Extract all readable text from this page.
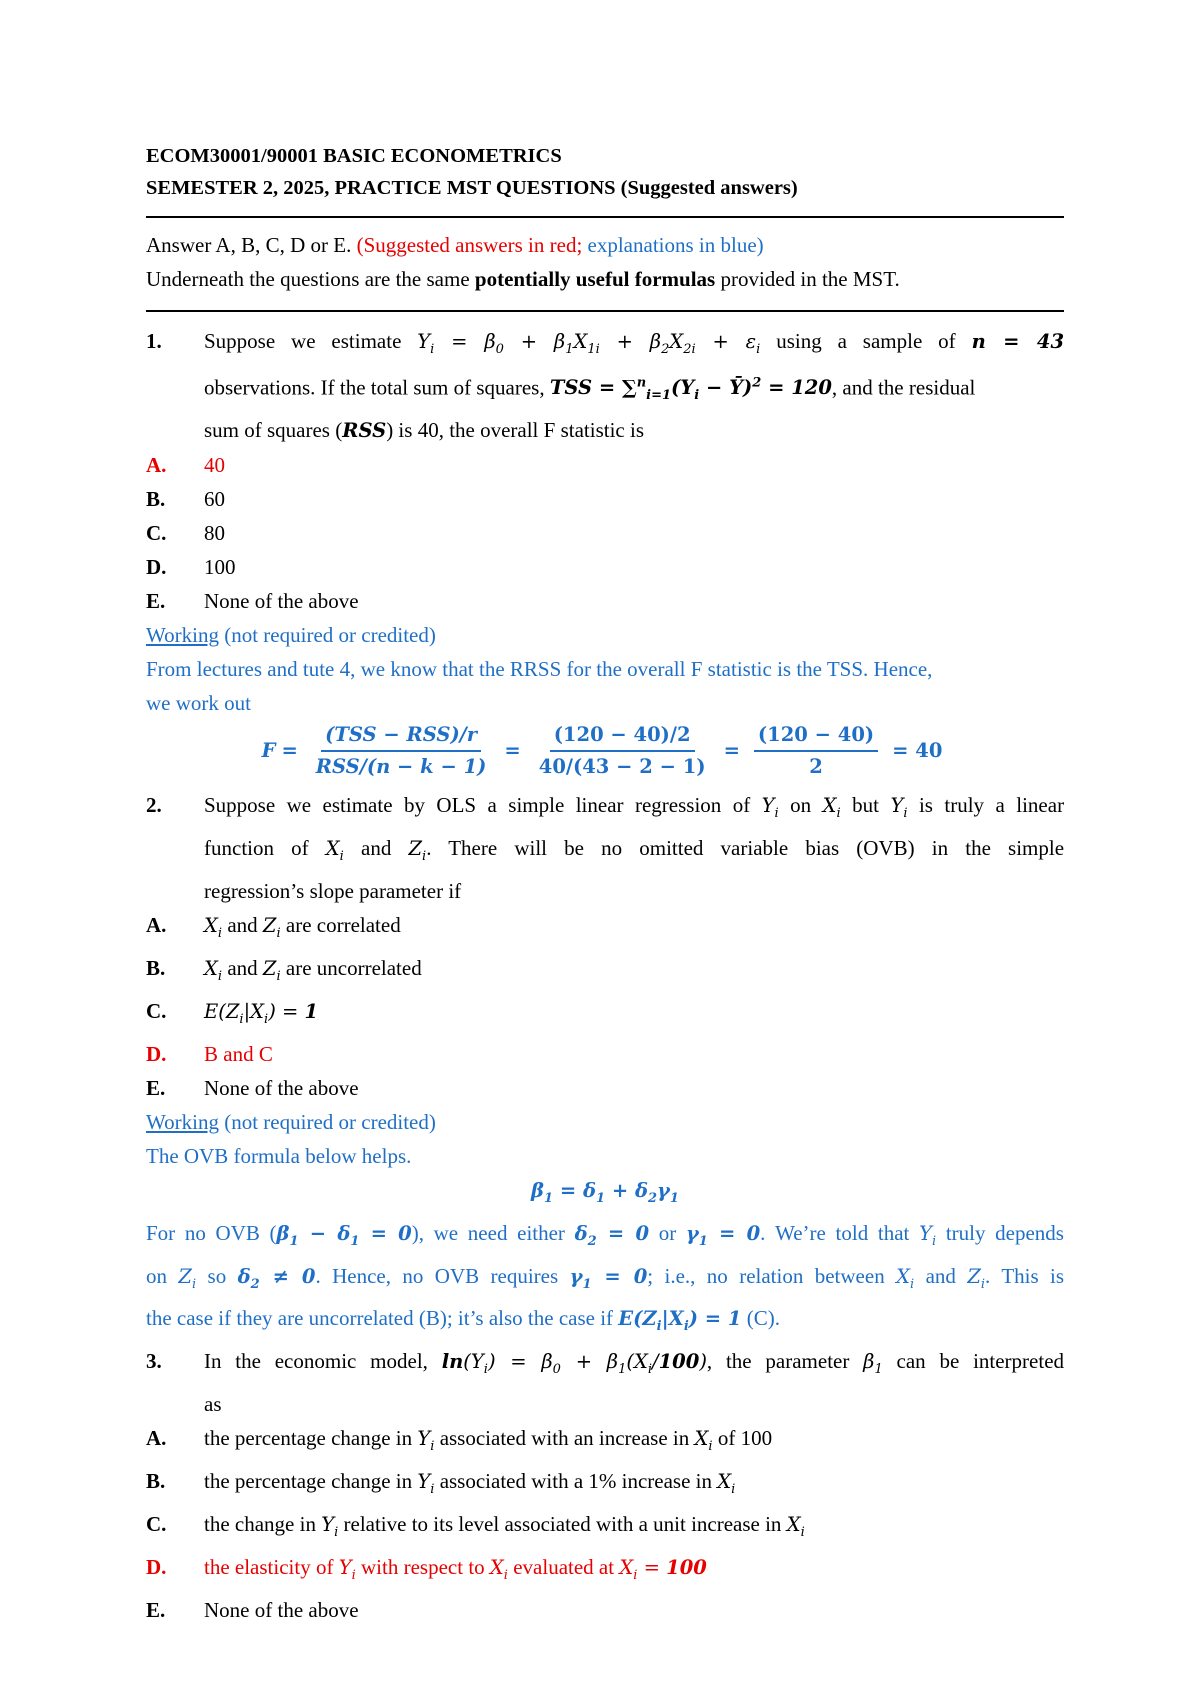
ECOM30001/90001 BASIC ECONOMETRICS
SEMESTER 2, 2025, PRACTICE MST QUESTIONS (Suggested answers)
Answer A, B, C, D or E. (Suggested answers in red; explanations in blue)
Underneath the questions are the same potentially useful formulas provided in the MST.
1. Suppose we estimate $Y_i = \beta_0 + \beta_1X_{1i} + \beta_2X_{2i} + \varepsilon_i$ using a sample of n = 43
observations. If the total sum of squares, TSS = $\sum^n_{i=1}(Y_i$ − Ȳ)$^2$ = 120, and the residual
sum of squares (RSS) is 40, the overall F statistic is
A. 40
B. 60
C. 80
D. 100
E. None of the above
Working (not required or credited)
From lectures and tute 4, we know that the RRSS for the overall F statistic is the TSS. Hence,
we work out
$F = \frac{\text{(TSS − RSS)/r}}{\text{RSS/(n − k − 1)}} = \frac{(120 - 40)/2}{40/(43 - 2 - 1)} = \frac{(120 - 40)}{2} = 40$
2. Suppose we estimate by OLS a simple linear regression of $Y_i$ on $X_i$ but $Y_i$ is truly a linear
function of $X_i$ and $Z_i$. There will be no omitted variable bias (OVB) in the simple
regression’s slope parameter if
A. $X_i$ and $Z_i$ are correlated
B. $X_i$ and $Z_i$ are uncorrelated
C. $E(Z_i|X_i) = 1$
D. B and C
E. None of the above
Working (not required or credited)
The OVB formula below helps.
$\beta_1 = \delta_1 + \delta_2\gamma_1$
For no OVB $(\beta_1 - \delta_1 = 0)$, we need either $\delta_2 = 0$ or $\gamma_1 = 0$. We’re told that $Y_i$ truly depends
on $Z_i$ so $\delta_2 \ne 0$. Hence, no OVB requires $\gamma_1 = 0$; i.e., no relation between $X_i$ and $Z_i$. This is
the case if they are uncorrelated (B); it’s also the case if $E(Z_i|X_i) = 1$ (C).
3. In the economic model, $\ln(Y_i) = \beta_0 + \beta_1(X_i/100)$, the parameter $\beta_1$ can be interpreted
as
A. the percentage change in $Y_i$ associated with an increase in $X_i$ of 100
B. the percentage change in $Y_i$ associated with a 1% increase in $X_i$
C. the change in $Y_i$ relative to its level associated with a unit increase in $X_i$
D. the elasticity of $Y_i$ with respect to $X_i$ evaluated at $X_i = 100$
E. None of the above
